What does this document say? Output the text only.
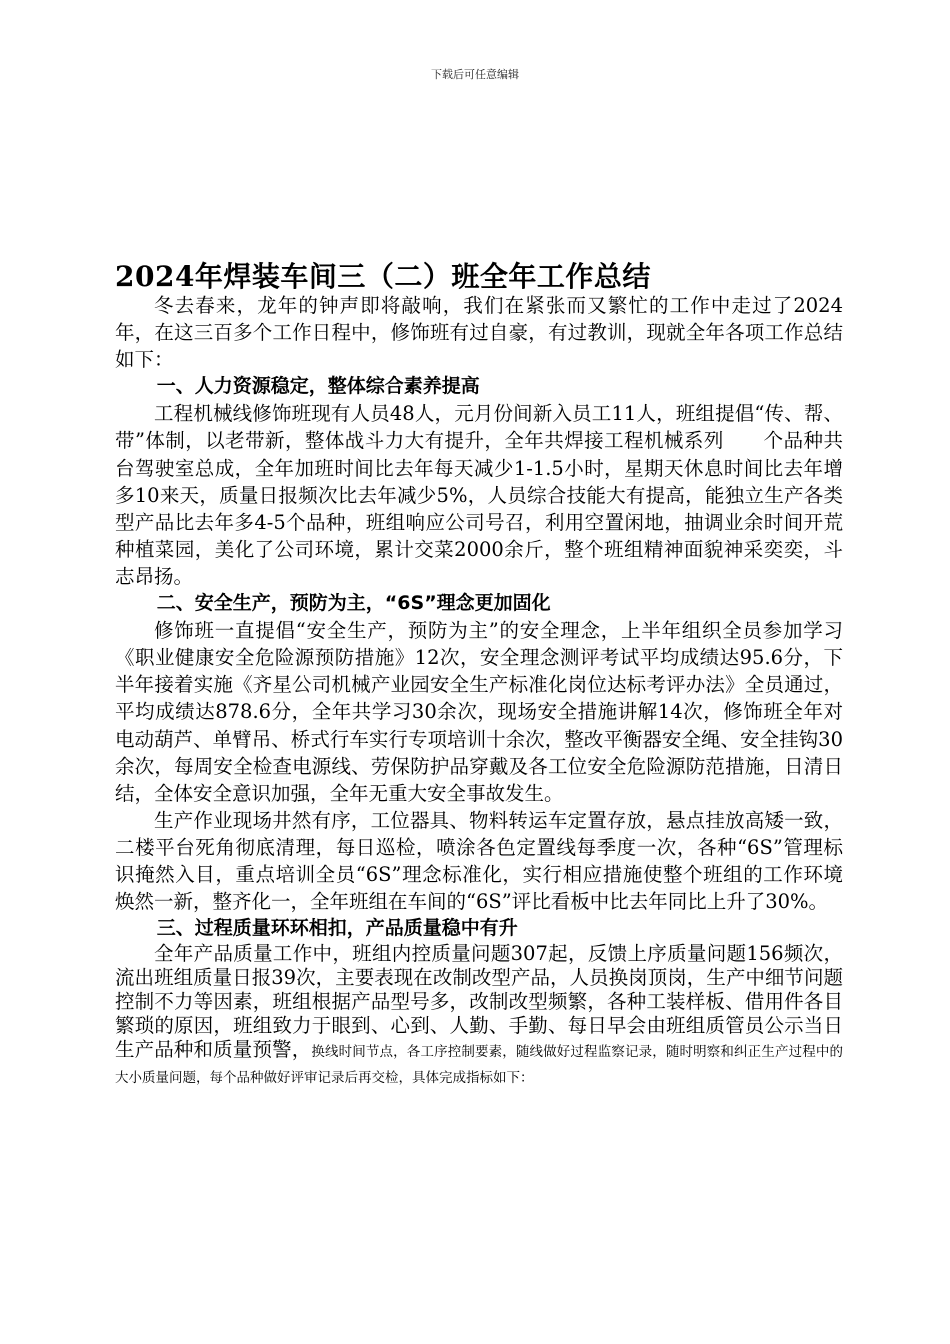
下载后可任意编辑
2024年焊装车间三（二）班全年工作总结

冬去春来，龙年的钟声即将敲响，我们在紧张而又繁忙的工作中走过了2024年，在这三百多个工作日程中，修饰班有过自豪，有过教训，现就全年各项工作总结如下：

一、人力资源稳定，整体综合素养提高

工程机械线修饰班现有人员48人，元月份间新入员工11人，班组提倡“传、帮、带”体制，以老带新，整体战斗力大有提升，全年共焊接工程机械系列　　个品种共　　台驾驶室总成，全年加班时间比去年每天减少1-1.5小时，星期天休息时间比去年增多10来天，质量日报频次比去年减少5%，人员综合技能大有提高，能独立生产各类型产品比去年多4-5个品种，班组响应公司号召，利用空置闲地，抽调业余时间开荒种植菜园，美化了公司环境，累计交菜2000余斤，整个班组精神面貌神采奕奕，斗志昂扬。

二、安全生产，预防为主，“6S”理念更加固化

修饰班一直提倡“安全生产，预防为主”的安全理念，上半年组织全员参加学习《职业健康安全危险源预防措施》12次，安全理念测评考试平均成绩达95.6分，下半年接着实施《齐星公司机械产业园安全生产标准化岗位达标考评办法》全员通过，平均成绩达878.6分，全年共学习30余次，现场安全措施讲解14次，修饰班全年对电动葫芦、单臂吊、桥式行车实行专项培训十余次，整改平衡器安全绳、安全挂钩30余次，每周安全检查电源线、劳保防护品穿戴及各工位安全危险源防范措施，日清日结，全体安全意识加强，全年无重大安全事故发生。

生产作业现场井然有序，工位器具、物料转运车定置存放，悬点挂放高矮一致，二楼平台死角彻底清理，每日巡检，喷涂各色定置线每季度一次，各种“6S”管理标识掩然入目，重点培训全员“6S”理念标准化，实行相应措施使整个班组的工作环境焕然一新，整齐化一，全年班组在车间的“6S”评比看板中比去年同比上升了30%。

三、过程质量环环相扣，产品质量稳中有升

全年产品质量工作中，班组内控质量问题307起，反馈上序质量问题156频次，流出班组质量日报39次，主要表现在改制改型产品，人员换岗顶岗，生产中细节问题控制不力等因素，班组根据产品型号多，改制改型频繁，各种工装样板、借用件各目繁琐的原因，班组致力于眼到、心到、人勤、手勤、每日早会由班组质管员公示当日生产品种和质量预警，换线时间节点，各工序控制要素，随线做好过程监察记录，随时明察和纠正生产过程中的大小质量问题，每个品种做好评审记录后再交检，具体完成指标如下：
